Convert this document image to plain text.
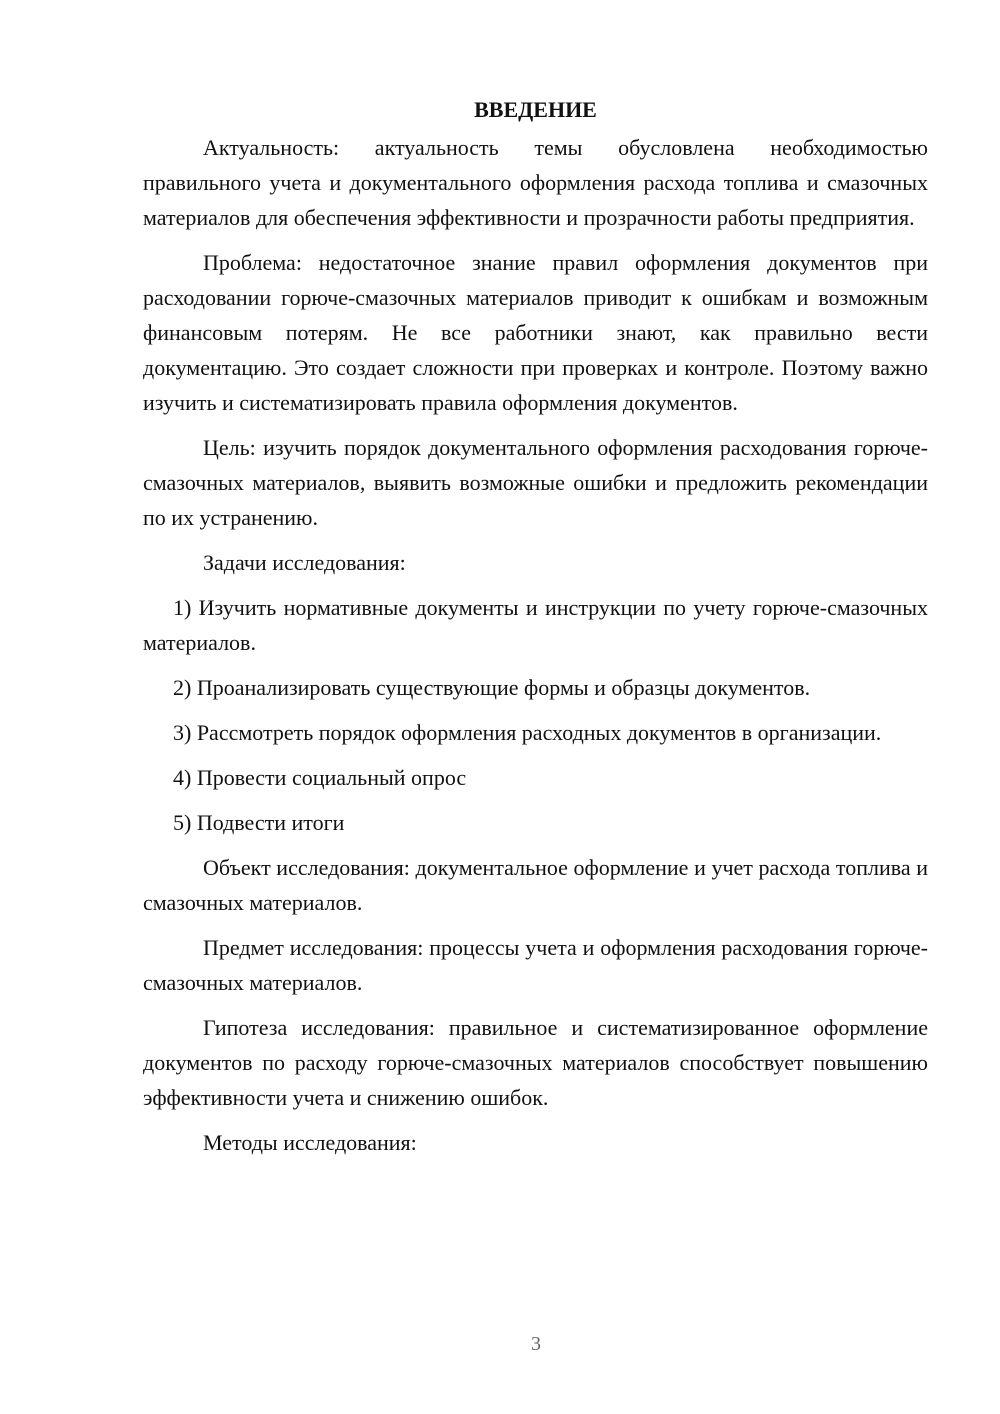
ВВЕДЕНИЕ

Актуальность: актуальность темы обусловлена необходимостью правильного учета и документального оформления расхода топлива и смазочных материалов для обеспечения эффективности и прозрачности работы предприятия.

Проблема: недостаточное знание правил оформления документов при расходовании горюче-смазочных материалов приводит к ошибкам и возможным финансовым потерям. Не все работники знают, как правильно вести документацию. Это создает сложности при проверках и контроле. Поэтому важно изучить и систематизировать правила оформления документов.

Цель: изучить порядок документального оформления расходования горюче-смазочных материалов, выявить возможные ошибки и предложить рекомендации по их устранению.

Задачи исследования:

1) Изучить нормативные документы и инструкции по учету горюче-смазочных материалов.

2) Проанализировать существующие формы и образцы документов.

3) Рассмотреть порядок оформления расходных документов в организации.

4) Провести социальный опрос

5) Подвести итоги

Объект исследования: документальное оформление и учет расхода топлива и смазочных материалов.

Предмет исследования: процессы учета и оформления расходования горюче-смазочных материалов.

Гипотеза исследования: правильное и систематизированное оформление документов по расходу горюче-смазочных материалов способствует повышению эффективности учета и снижению ошибок.

Методы исследования:

3
